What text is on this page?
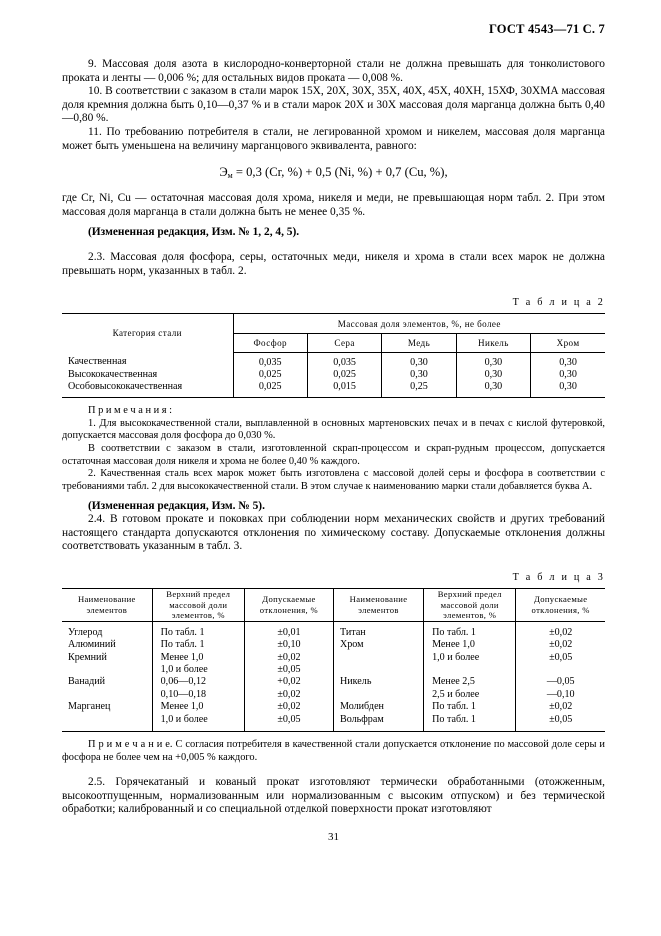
ГОСТ 4543—71 С. 7

9. Массовая доля азота в кислородно-конверторной стали не должна превышать для тонколистового проката и ленты — 0,006 %; для остальных видов проката — 0,008 %.

10. В соответствии с заказом в стали марок 15Х, 20Х, 30Х, 35Х, 40Х, 45Х, 40ХН, 15ХФ, 30ХМА массовая доля кремния должна быть 0,10—0,37 % и в стали марок 20Х и 30Х массовая доля марганца должна быть 0,40—0,80 %.

11. По требованию потребителя в стали, не легированной хромом и никелем, массовая доля марганца может быть уменьшена на величину марганцового эквивалента, равного:

$Э_м = 0,3$ (Cr, %) + 0,5 (Ni, %) + 0,7 (Cu, %),

где Cr, Ni, Cu — остаточная массовая доля хрома, никеля и меди, не превышающая норм табл. 2. При этом массовая доля марганца в стали должна быть не менее 0,35 %.

(Измененная редакция, Изм. № 1, 2, 4, 5).

2.3. Массовая доля фосфора, серы, остаточных меди, никеля и хрома в стали всех марок не должна превышать норм, указанных в табл. 2.

Т а б л и ц а 2
Категория стали	Массовая доля элементов, %, не более				
	Фосфор	Сера	Медь	Никель	Хром
Качественная	0,035	0,035	0,30	0,30	0,30
Высококачественная	0,025	0,025	0,30	0,30	0,30
Особовысококачественная	0,025	0,015	0,25	0,30	0,30

П р и м е ч а н и я :

1. Для высококачественной стали, выплавленной в основных мартеновских печах и в печах с кислой футеровкой, допускается массовая доля фосфора до 0,030 %.

В соответствии с заказом в стали, изготовленной скрап-процессом и скрап-рудным процессом, допускается остаточная массовая доля никеля и хрома не более 0,40 % каждого.

2. Качественная сталь всех марок может быть изготовлена с массовой долей серы и фосфора в соответствии с требованиями табл. 2 для высококачественной стали. В этом случае к наименованию марки стали добавляется буква А.

(Измененная редакция, Изм. № 5).

2.4. В готовом прокате и поковках при соблюдении норм механических свойств и других требований настоящего стандарта допускаются отклонения по химическому составу. Допускаемые отклонения должны соответствовать указанным в табл. 3.

Т а б л и ц а 3

Наименование элементов	Верхний предел массовой доли элементов, %	Допускаемые отклонения, %	Наименование элементов	Верхний предел массовой доли элементов, %	Допускаемые отклонения, %
Углерод	По табл. 1	±0,01	Титан	По табл. 1	±0,02
Алюминий	По табл. 1	±0,10	Хром	Менее 1,0	±0,02
Кремний	Менее 1,0	±0,02		1,0 и более	±0,05
	1,0 и более	±0,05			
Ванадий	0,06—0,12	+0,02	Никель	Менее 2,5	—0,05
	0,10—0,18	±0,02		2,5 и более	—0,10
Марганец	Менее 1,0	±0,02	Молибден	По табл. 1	±0,02
	1,0 и более	±0,05	Вольфрам	По табл. 1	±0,05

П р и м е ч а н и е. С согласия потребителя в качественной стали допускается отклонение по массовой доле серы и фосфора не более чем на +0,005 % каждого.

2.5. Горячекатаный и кованый прокат изготовляют термически обработанными (отожженным, высокоотпущенным, нормализованным или нормализованным с высоким отпуском) и без термической обработки; калиброванный и со специальной отделкой поверхности прокат изготовляют

31
